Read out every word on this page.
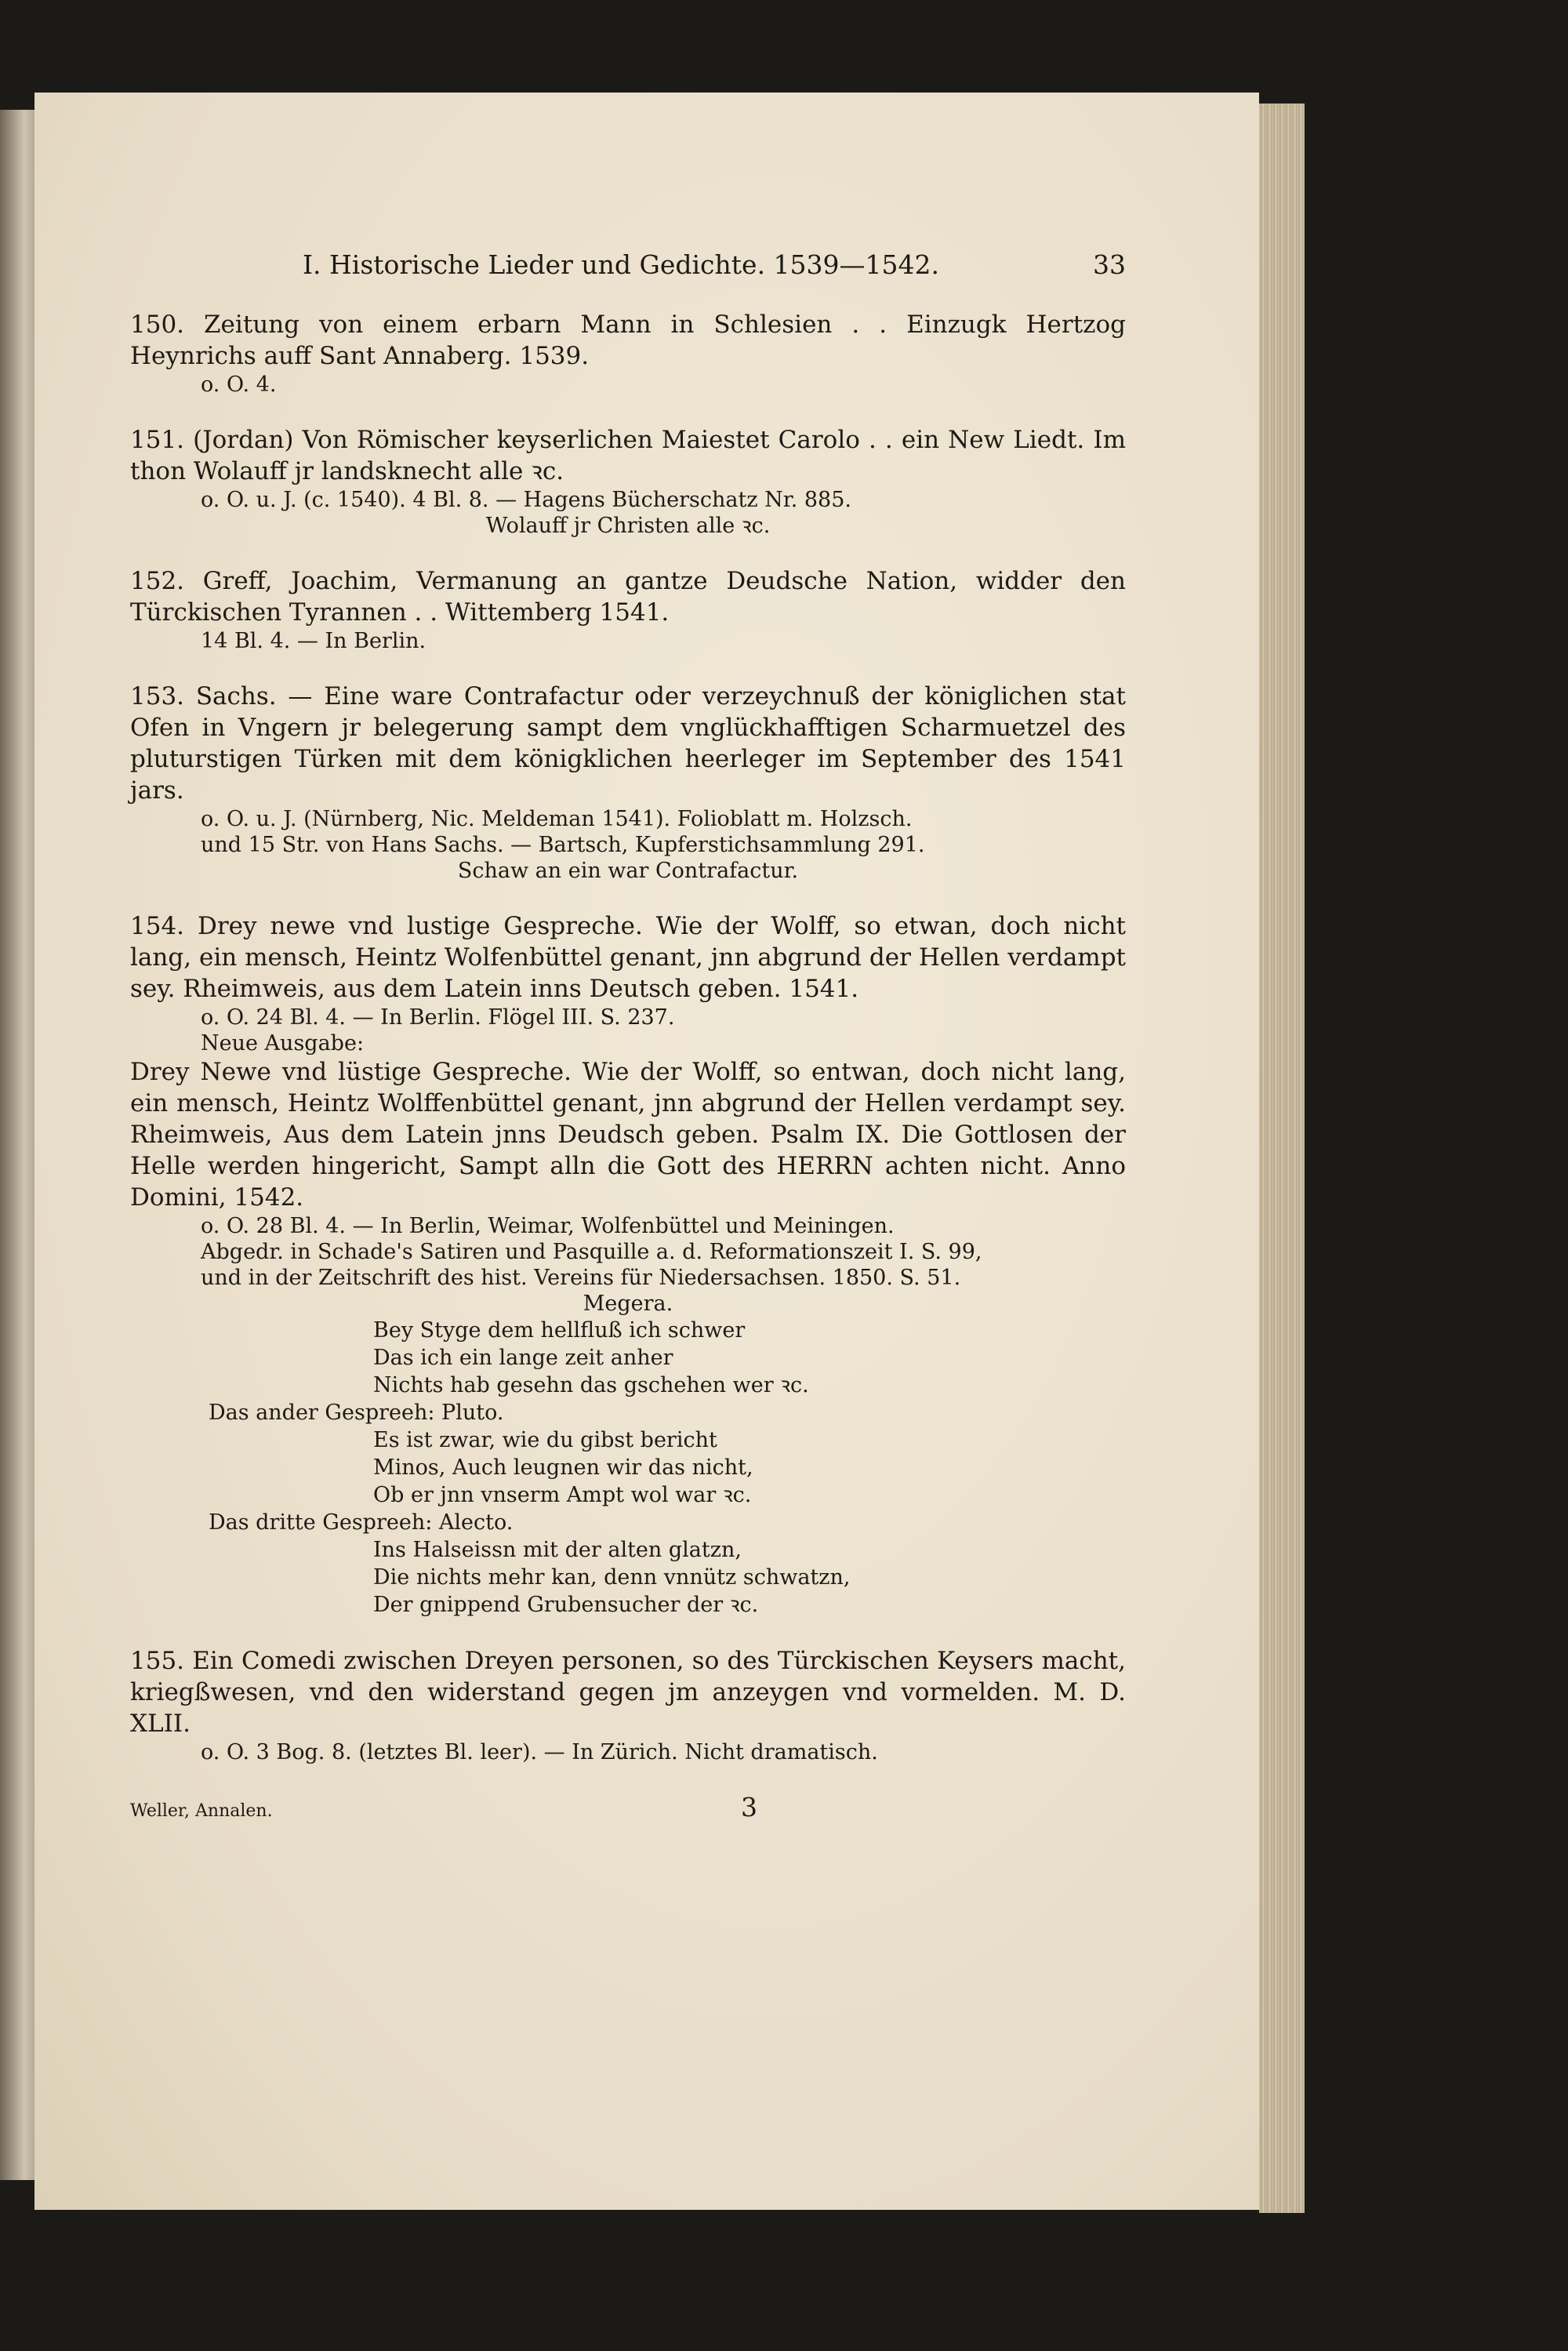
I. Historische Lieder und Gedichte. 1539—1542.	33
150. Zeitung von einem erbarn Mann in Schlesien . . Einzugk Hertzog Heynrichs auff Sant Annaberg. 1539.
o. O. 4.
151. (Jordan) Von Römischer keyserlichen Maiestet Carolo . . ein New Liedt. Im thon Wolauff jr landsknecht alle ꝛc.
o. O. u. J. (c. 1540). 4 Bl. 8. — Hagens Bücherschatz Nr. 885.
Wolauff jr Christen alle ꝛc.
152. Greff, Joachim, Vermanung an gantze Deudsche Nation, widder den Türckischen Tyrannen . . Wittemberg 1541.
14 Bl. 4. — In Berlin.
153. Sachs. — Eine ware Contrafactur oder verzeychnuß der königlichen stat Ofen in Vngern jr belegerung sampt dem vnglückhafftigen Scharmuetzel des pluturstigen Türken mit dem königklichen heerleger im September des 1541 jars.
o. O. u. J. (Nürnberg, Nic. Meldeman 1541). Folioblatt m. Holzsch.
und 15 Str. von Hans Sachs. — Bartsch, Kupferstichsammlung 291.
Schaw an ein war Contrafactur.
154. Drey newe vnd lustige Gespreche. Wie der Wolff, so etwan, doch nicht lang, ein mensch, Heintz Wolfenbüttel genant, jnn abgrund der Hellen verdampt sey. Rheimweis, aus dem Latein inns Deutsch geben. 1541.
o. O. 24 Bl. 4. — In Berlin. Flögel III. S. 237.
Neue Ausgabe:
Drey Newe vnd lüstige Gespreche. Wie der Wolff, so entwan, doch nicht lang, ein mensch, Heintz Wolffenbüttel genant, jnn abgrund der Hellen verdampt sey. Rheimweis, Aus dem Latein jnns Deudsch geben. Psalm IX. Die Gottlosen der Helle werden hingericht, Sampt alln die Gott des HERRN achten nicht. Anno Domini, 1542.
o. O. 28 Bl. 4. — In Berlin, Weimar, Wolfenbüttel und Meiningen.
Abgedr. in Schade's Satiren und Pasquille a. d. Reformationszeit I. S. 99,
und in der Zeitschrift des hist. Vereins für Niedersachsen. 1850. S. 51.
Megera.
Bey Styge dem hellfluß ich schwer
Das ich ein lange zeit anher
Nichts hab gesehn das gschehen wer ꝛc.
Das ander Gespreeh: Pluto.
Es ist zwar, wie du gibst bericht
Minos, Auch leugnen wir das nicht,
Ob er jnn vnserm Ampt wol war ꝛc.
Das dritte Gespreeh: Alecto.
Ins Halseissn mit der alten glatzn,
Die nichts mehr kan, denn vnnütz schwatzn,
Der gnippend Grubensucher der ꝛc.
155. Ein Comedi zwischen Dreyen personen, so des Türckischen Keysers macht, kriegßwesen, vnd den widerstand gegen jm anzeygen vnd vormelden. M. D. XLII.
o. O. 3 Bog. 8. (letztes Bl. leer). — In Zürich. Nicht dramatisch.
Weller, Annalen.	3
